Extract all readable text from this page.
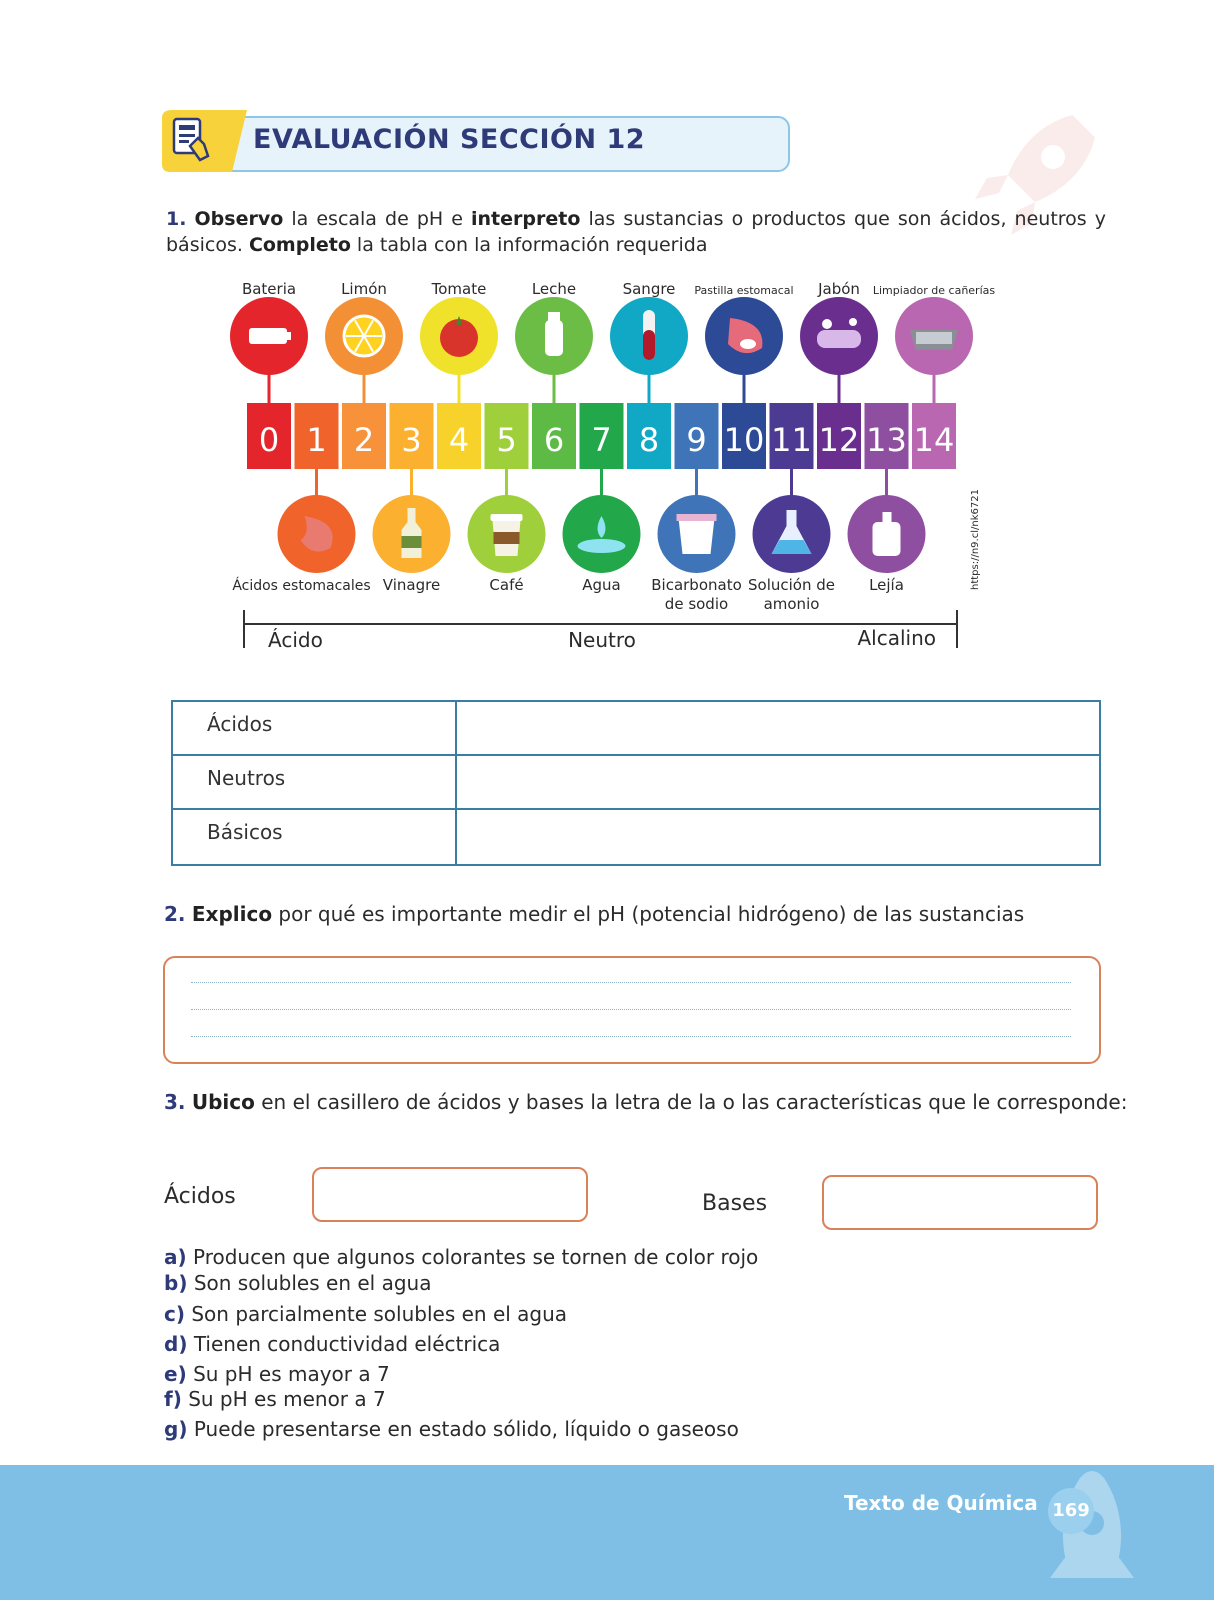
EVALUACIÓN SECCIÓN 12
1. Observo la escala de pH e interpreto las sustancias o productos que son ácidos, neutros y básicos. Completo la tabla con la información requerida
0 1 2 3 4 5 6 7 8 9 10 11 12 13 14
Bateria	Limón	Tomate	Leche	Sangre Pastilla estomacal Jabón Limpiador de cañerías
Ácidos estomacales Vinagre	Café	Agua Bicarbonato
de sodio
Solución de
amonio
Lejía
Ácido	Neutro	Alcalino
https://n9.cl/nk6721
Ácidos
Neutros
Básicos
2. Explico por qué es importante medir el pH (potencial hidrógeno) de las sustancias
3. Ubico en el casillero de ácidos y bases la letra de la o las características que le corresponde:
Ácidos	Bases
a) Producen que algunos colorantes se tornen de color rojo
b) Son solubles en el agua
c) Son parcialmente solubles en el agua
d) Tienen conductividad eléctrica
e) Su pH es mayor a 7
f) Su pH es menor a 7
g) Puede presentarse en estado sólido, líquido o gaseoso
Texto de Química 169
